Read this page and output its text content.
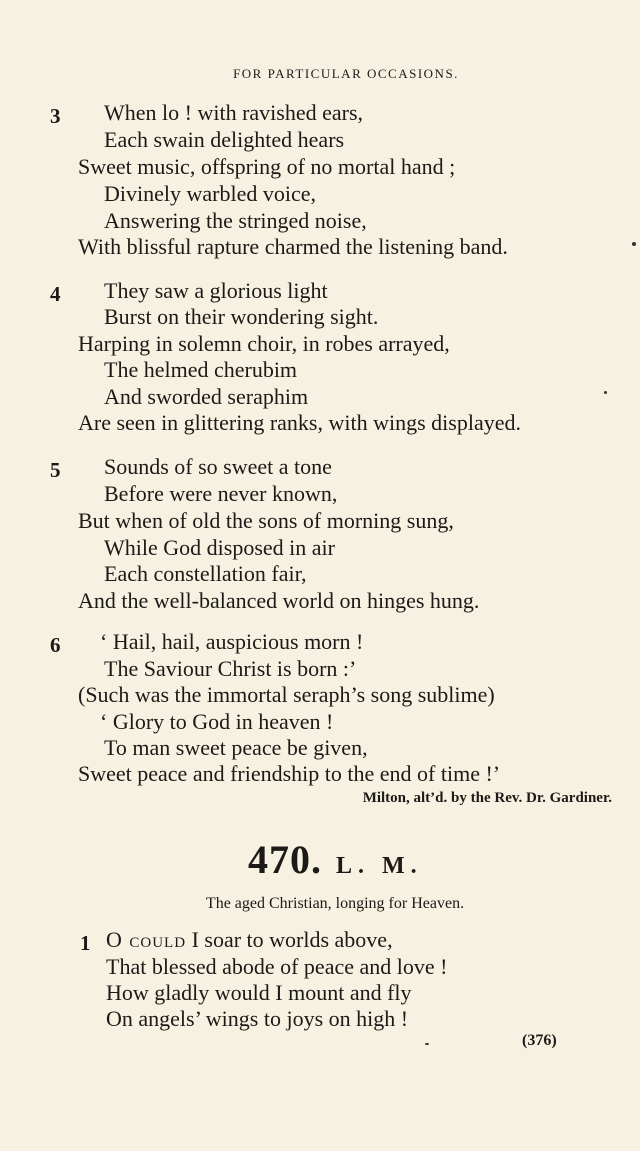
FOR PARTICULAR OCCASIONS.
3 When lo ! with ravished ears,
Each swain delighted hears
Sweet music, offspring of no mortal hand ;
Divinely warbled voice,
Answering the stringed noise,
With blissful rapture charmed the listening band.
4 They saw a glorious light
Burst on their wondering sight.
Harping in solemn choir, in robes arrayed,
The helmed cherubim
And sworded seraphim
Are seen in glittering ranks, with wings displayed.
5 Sounds of so sweet a tone
Before were never known,
But when of old the sons of morning sung,
While God disposed in air
Each constellation fair,
And the well-balanced world on hinges hung.
6 ‘ Hail, hail, auspicious morn !
The Saviour Christ is born :’
(Such was the immortal seraph’s song sublime)
‘ Glory to God in heaven !
To man sweet peace be given,
Sweet peace and friendship to the end of time !’
Milton, alt’d. by the Rev. Dr. Gardiner.
470. L. M.
The aged Christian, longing for Heaven.
1 O could I soar to worlds above,
That blessed abode of peace and love !
How gladly would I mount and fly
On angels’ wings to joys on high !
(376)
